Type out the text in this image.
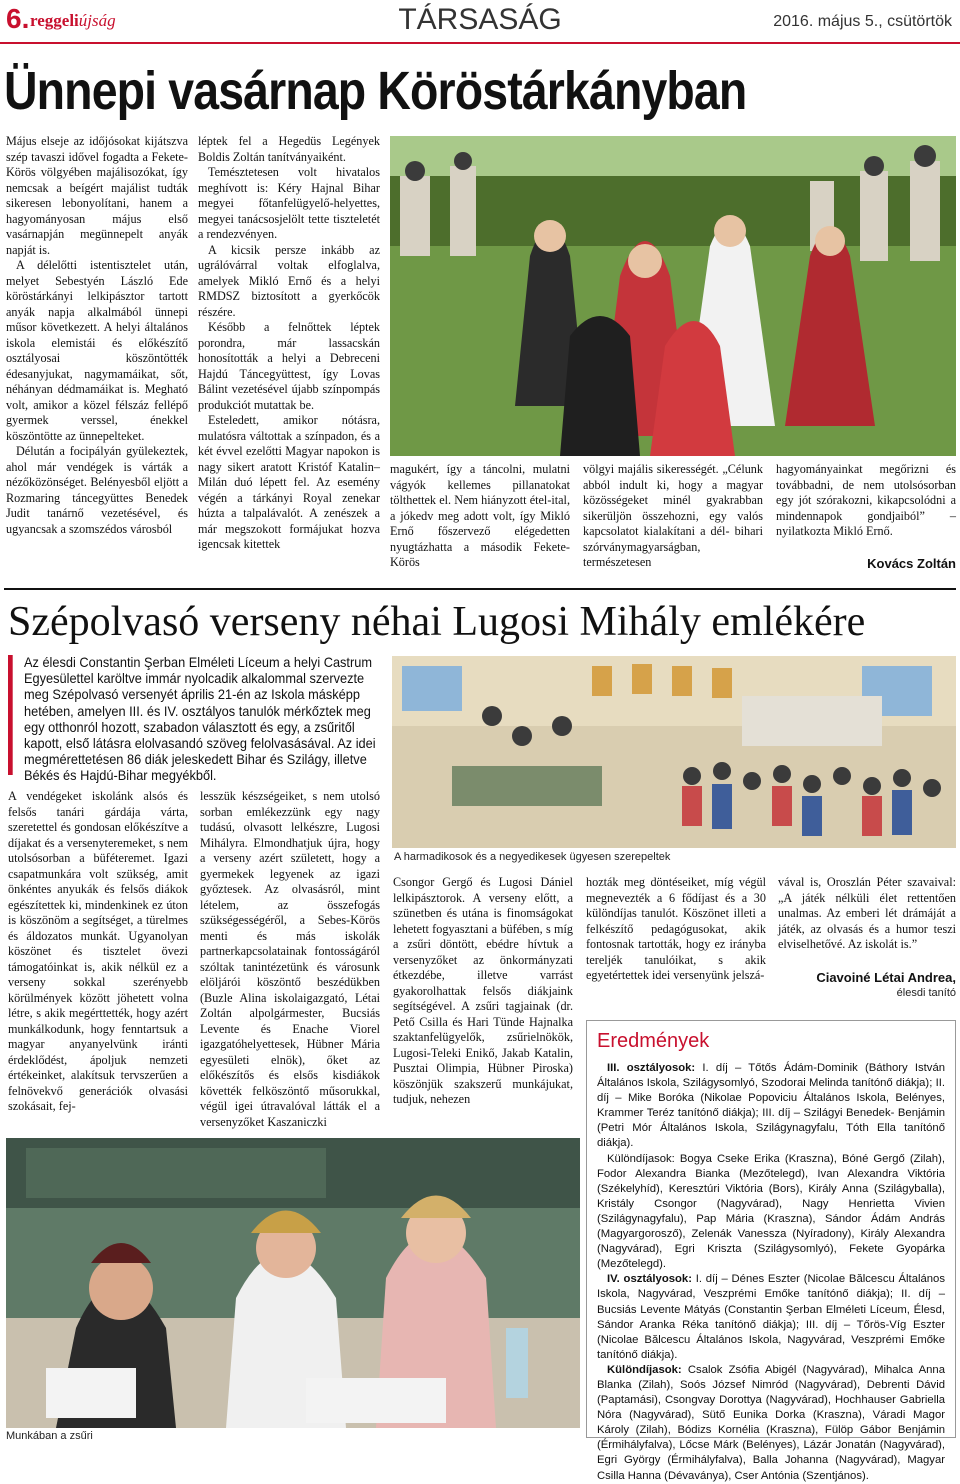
6. reggeliújság	TÁRSASÁG	2016. május 5., csütörtök
Ünnepi vasárnap Köröstárkányban

Május elseje az időjósokat kijátszva szép tavaszi idővel fogadta a Fekete-Körös völgyében majálisozókat, így nemcsak a beígért majálist tudták sikeresen lebonyolítani, hanem a hagyományosan május első vasárnapján megünnepelt anyák napját is.

A délelőtti istentisztelet után, melyet Sebestyén László Ede köröstárkányi lelkipásztor tartott anyák napja alkalmából ünnepi műsor következett. A helyi általános iskola elemistái és előkészítő osztályosai köszöntötték édesanyjukat, nagymamáikat, sőt, néhányan dédmamáikat is. Megható volt, amikor a közel félszáz fellépő gyermek verssel, énekkel köszöntötte az ünnepelteket.

Délután a focipályán gyülekeztek, ahol már vendégek is várták a nézőközönséget. Belényesből eljött a Rozmaring táncegyüttes Benedek Judit tanárnő vezetésével, és ugyancsak a szomszédos városból

léptek fel a Hegedüs Legények Boldis Zoltán tanítványaiként.

Temésztetesen volt hivatalos meghívott is: Kéry Hajnal Bihar megyei főtanfelügyelő-helyettes, megyei tanácsosjelölt tette tiszteletét a rendezvényen.

A kicsik persze inkább az ugrálóvárral voltak elfoglalva, amelyek Mikló Ernő és a helyi RMDSZ biztosított a gyerkőcök részére.

Később a felnőttek léptek porondra, már lassacskán honosították a helyi a Debreceni Hajdú Táncegyüttest, így Lovas Bálint vezetésével újabb színpompás produkciót mutattak be.

Esteledett, amikor nótásra, mulatósra váltottak a színpadon, és a két évvel ezelőtti Magyar napokon is nagy sikert aratott Kristóf Katalin–Milán duó lépett fel. Az esemény végén a tárkányi Royal zenekar húzta a talpalávalót. A zenészek a már megszokott formájukat hozva igencsak kitettek

magukért, így a táncolni, mulatni vágyók kellemes pillanatokat tölthettek el. Nem hiányzott étel-ital, a jókedv meg adott volt, így Mikló Ernő főszervező elégedetten nyugtázhatta a második Fekete-Körös

völgyi majális sikerességét. „Célunk abból indult ki, hogy a magyar közösségeket minél gyakrabban sikerüljön összehozni, egy valós kapcsolatot kialakítani a dél- bihari szórványmagyarságban, természetesen

hagyományainkat megőrizni és továbbadni, de nem utolsósorban egy jót szórakozni, kikapcsolódni a mindennapok gondjaiból” – nyilatkozta Mikló Ernő.

Kovács Zoltán
Szépolvasó verseny néhai Lugosi Mihály emlékére
Az élesdi Constantin Şerban Elméleti Líceum a helyi Castrum Egyesülettel karöltve immár nyolcadik alkalommal szervezte meg Szépolvasó versenyét április 21-én az Iskola másképp hetében, amelyen III. és IV. osztályos tanulók mérkőztek meg egy otthonról hozott, szabadon választott és egy, a zsűritől kapott, első látásra elolvasandó szöveg felolvasásával. Az idei megmérettetésen 86 diák jeleskedett Bihar és Szilágy, illetve Békés és Hajdú-Bihar megyékből.
A harmadikosok és a negyedikesek ügyesen szerepeltek

A vendégeket iskolánk alsós és felsős tanári gárdája várta, szeretettel és gondosan előkészítve a díjakat és a versenyteremeket, s nem utolsósorban a büféteremet. Igazi csapatmunkára volt szükség, amit önkéntes anyukák és felsős diákok egészítettek ki, mindenkinek ez úton is köszönöm a segítséget, a türelmes és áldozatos munkát. Ugyanolyan köszönet és tisztelet övezi támogatóinkat is, akik nélkül ez a verseny sokkal szerényebb körülmények között jöhetett volna létre, s akik megérttették, hogy azért munkálkodunk, hogy fenntartsuk a magyar anyanyelvünk iránti érdeklődést, ápoljuk nemzeti értékeinket, alakítsuk tervszerűen a felnövekvő generációk olvasási szokásait, fej-

lesszük készségeiket, s nem utolsó sorban emlékezzünk egy nagy tudású, olvasott lelkészre, Lugosi Mihályra. Elmondhatjuk újra, hogy a verseny azért született, hogy a gyermekek legyenek az igazi győztesek. Az olvasásról, mint lételem, az összefogás szükségességéről, a Sebes-Körös menti és más iskolák partnerkapcsolatainak fontosságáról szóltak tanintézetünk és városunk elöljárói köszöntő beszédükben (Buzle Alina iskolaigazgató, Létai Zoltán alpolgármester, Bucsiás Levente és Enache Viorel igazgatóhelyettesek, Hübner Mária egyesületi elnök), őket az előkészítős és elsős kisdiákok követték felköszöntő műsorukkal, végül igei útravalóval látták el a versenyzőket Kaszaniczki

Csongor Gergő és Lugosi Dániel lelkipásztorok. A verseny előtt, a szünetben és utána is finomságokat lehetett fogyasztani a büfében, s míg a zsűri döntött, ebédre hívtuk a versenyzőket az önkormányzati étkezdébe, illetve varrást gyakorolhattak felsős diákjaink segítségével. A zsűri tagjainak (dr. Pető Csilla és Hari Tünde Hajnalka szaktanfelügyelők, zsűrielnökök, Lugosi-Teleki Enikő, Jakab Katalin, Pusztai Olimpia, Hübner Piroska) köszönjük szakszerű munkájukat, tudjuk, nehezen

hozták meg döntéseiket, míg végül megnevezték a 6 fődíjast és a 30 különdíjas tanulót. Köszönet illeti a felkészítő pedagógusokat, akik fontosnak tartották, hogy ez irányba tereljék tanulóikat, s akik egyetértettek idei versenyünk jelszá-

vával is, Oroszlán Péter szavaival: „A játék nélküli élet rettentően unalmas. Az emberi lét drámáját a játék, az olvasás és a humor teszi elviselhetővé. Az iskolát is.”

Ciavoiné Létai Andrea,
élesdi tanító
Munkában a zsűri
Eredmények

III. osztályosok: I. díj – Tőtős Ádám-Dominik (Báthory István Általános Iskola, Szilágysomlyó, Szodorai Melinda tanítónő diákja); II. díj – Mike Boróka (Nikolae Popoviciu Általános Iskola, Belényes, Krammer Teréz tanítónő diákja); III. díj – Szilágyi Benedek- Benjámin (Petri Mór Általános Iskola, Szilágynagyfalu, Tóth Ella tanítónő diákja).

Különdíjasok: Bogya Cseke Erika (Kraszna), Bóné Gergő (Zilah), Fodor Alexandra Bianka (Mezőtelegd), Ivan Alexandra Viktória (Székelyhíd), Keresztúri Viktória (Bors), Király Anna (Szilágyballa), Kristály Csongor (Nagyvárad), Nagy Henrietta Vivien (Szilágynagyfalu), Pap Mária (Kraszna), Sándor Ádám András (Magyargorosző), Zelenák Vanessza (Nyíradony), Király Alexandra (Nagyvárad), Egri Kriszta (Szilágysomlyó), Fekete Gyopárka (Mezőtelegd).

IV. osztályosok: I. díj – Dénes Eszter (Nicolae Bălcescu Általános Iskola, Nagyvárad, Veszprémi Emőke tanítónő diákja); II. díj – Bucsiás Levente Mátyás (Constantin Şerban Elméleti Líceum, Élesd, Sándor Aranka Réka tanítónő diákja); III. díj – Tőrös-Víg Eszter (Nicolae Bălcescu Általános Iskola, Nagyvárad, Veszprémi Emőke tanítónő diákja).

Különdíjasok: Csalok Zsófia Abigél (Nagyvárad), Mihalca Anna Blanka (Zilah), Soós József Nimród (Nagyvárad), Debrenti Dávid (Paptamási), Csongvay Dorottya (Nagyvárad), Hochhauser Gabriella Nóra (Nagyvárad), Sütő Eunika Dorka (Kraszna), Váradi Magor Károly (Zilah), Bódizs Kornélia (Kraszna), Fülöp Gábor Benjámin (Érmihályfalva), Lőcse Márk (Belényes), Lázár Jonatán (Nagyvárad), Egri György (Érmihályfalva), Balla Johanna (Nagyvárad), Magyar Csilla Hanna (Dévaványa), Cser Antónia (Szentjános).
